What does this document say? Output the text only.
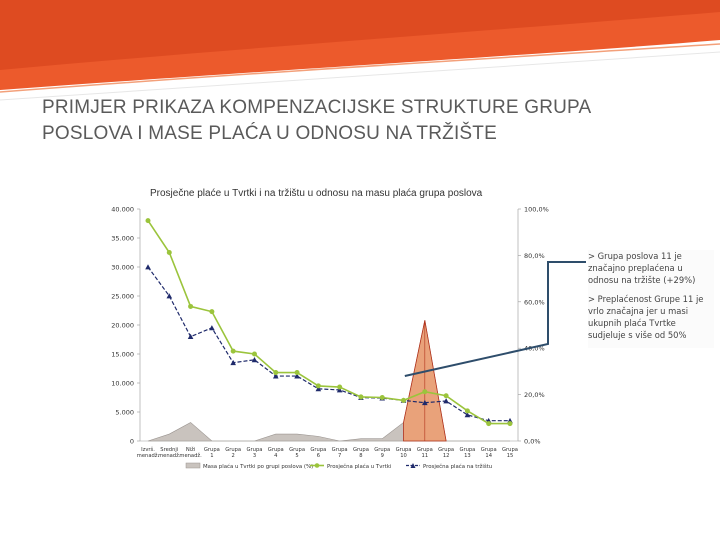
PRIMJER PRIKAZA KOMPENZACIJSKE STRUKTURE GRUPA
POSLOVA I MASE PLAĆA U ODNOSU NA TRŽIŠTE
Prosječne plaće u Tvrtki i na tržištu u odnosu na masu plaća grupa poslova
0
5.000
10.000
15.000
20.000
25.000
30.000
35.000
40.000
0,0%
20,0%
40,0%
60,0%
80,0%
100,0%
Izvrš. menadž.
Srednji menadž.
Niži menadž.
Grupa 1
Grupa 2
Grupa 3
Grupa 4
Grupa 5
Grupa 6
Grupa 7
Grupa 8
Grupa 9
Grupa 10
Grupa 11
Grupa 12
Grupa 13
Grupa 14
Grupa 15
Masa plaća u Tvrtki po grupi poslova (%)	Prosječna plaća u Tvrtki	Prosječna plaća na tržištu

> Grupa poslova 11 je značajno preplaćena u odnosu na tržište (+29%)

> Preplaćenost Grupe 11 je vrlo značajna jer u masi ukupnih plaća Tvrtke sudjeluje s više od 50%
